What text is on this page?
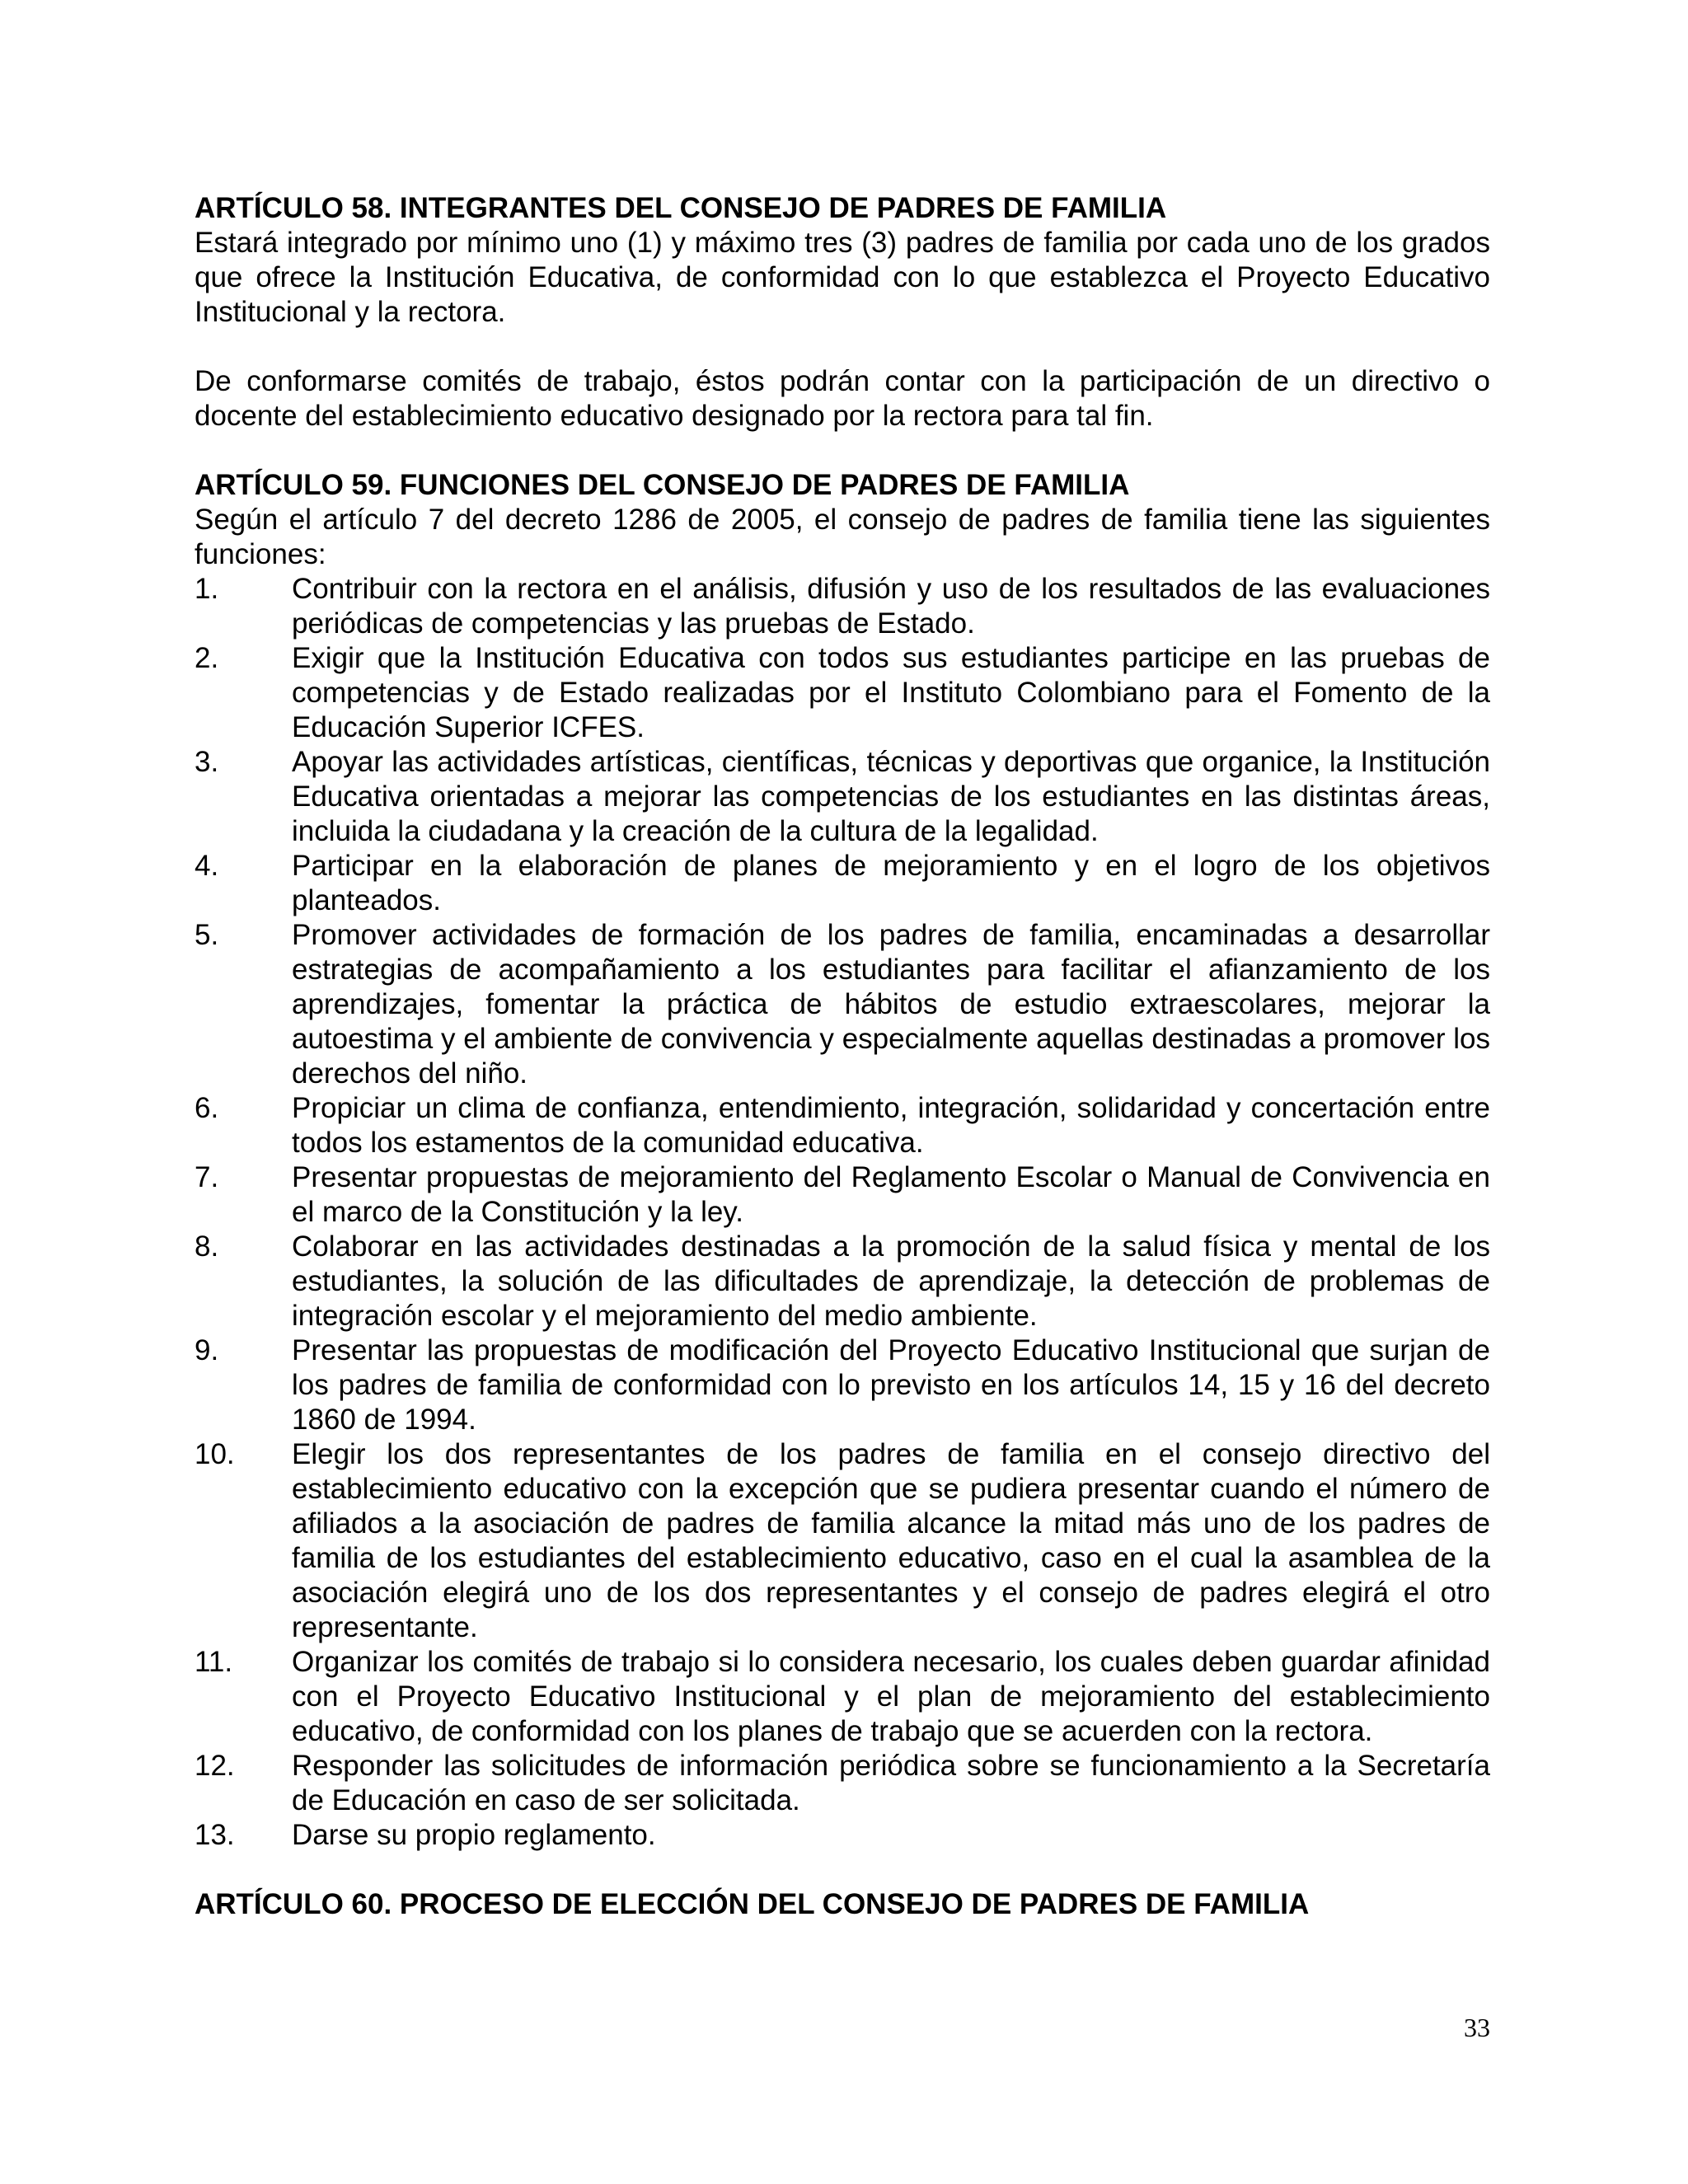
ARTÍCULO 58. INTEGRANTES DEL CONSEJO DE PADRES DE FAMILIA

Estará integrado por mínimo uno (1) y máximo tres (3) padres de familia por cada uno de los grados que ofrece la Institución Educativa, de conformidad con lo que establezca el Proyecto Educativo Institucional y la rectora.

De conformarse comités de trabajo, éstos podrán contar con la participación de un directivo o docente del establecimiento educativo designado por la rectora para tal fin.

ARTÍCULO 59. FUNCIONES DEL CONSEJO DE PADRES DE FAMILIA

Según el artículo 7 del decreto 1286 de 2005, el consejo de padres de familia tiene las siguientes funciones:

1.	Contribuir con la rectora en el análisis, difusión y uso de los resultados de las evaluaciones periódicas de competencias y las pruebas de Estado.
2.	Exigir que la Institución Educativa con todos sus estudiantes participe en las pruebas de competencias y de Estado realizadas por el Instituto Colombiano para el Fomento de la Educación Superior ICFES.
3.	Apoyar las actividades artísticas, científicas, técnicas y deportivas que organice, la Institución Educativa orientadas a mejorar las competencias de los estudiantes en las distintas áreas, incluida la ciudadana y la creación de la cultura de la legalidad.
4.	Participar en la elaboración de planes de mejoramiento y en el logro de los objetivos planteados.
5.	Promover actividades de formación de los padres de familia, encaminadas a desarrollar estrategias de acompañamiento a los estudiantes para facilitar el afianzamiento de los aprendizajes, fomentar la práctica de hábitos de estudio extraescolares, mejorar la autoestima y el ambiente de convivencia y especialmente aquellas destinadas a promover los derechos del niño.
6.	Propiciar un clima de confianza, entendimiento, integración, solidaridad y concertación entre todos los estamentos de la comunidad educativa.
7.	Presentar propuestas de mejoramiento del Reglamento Escolar o Manual de Convivencia en el marco de la Constitución y la ley.
8.	Colaborar en las actividades destinadas a la promoción de la salud física y mental de los estudiantes, la solución de las dificultades de aprendizaje, la detección de problemas de integración escolar y el mejoramiento del medio ambiente.
9.	Presentar las propuestas de modificación del Proyecto Educativo Institucional que surjan de los padres de familia de conformidad con lo previsto en los artículos 14, 15 y 16 del decreto 1860 de 1994.
10.	Elegir los dos representantes de los padres de familia en el consejo directivo del establecimiento educativo con la excepción que se pudiera presentar cuando el número de afiliados a la asociación de padres de familia alcance la mitad más uno de los padres de familia de los estudiantes del establecimiento educativo, caso en el cual la asamblea de la asociación elegirá uno de los dos representantes y el consejo de padres elegirá el otro representante.
11.	Organizar los comités de trabajo si lo considera necesario, los cuales deben guardar afinidad con el Proyecto Educativo Institucional y el plan de mejoramiento del establecimiento educativo, de conformidad con los planes de trabajo que se acuerden con la rectora.
12.	Responder las solicitudes de información periódica sobre se funcionamiento a la Secretaría de Educación en caso de ser solicitada.
13.	Darse su propio reglamento.

ARTÍCULO 60. PROCESO DE ELECCIÓN DEL CONSEJO DE PADRES DE FAMILIA

33
